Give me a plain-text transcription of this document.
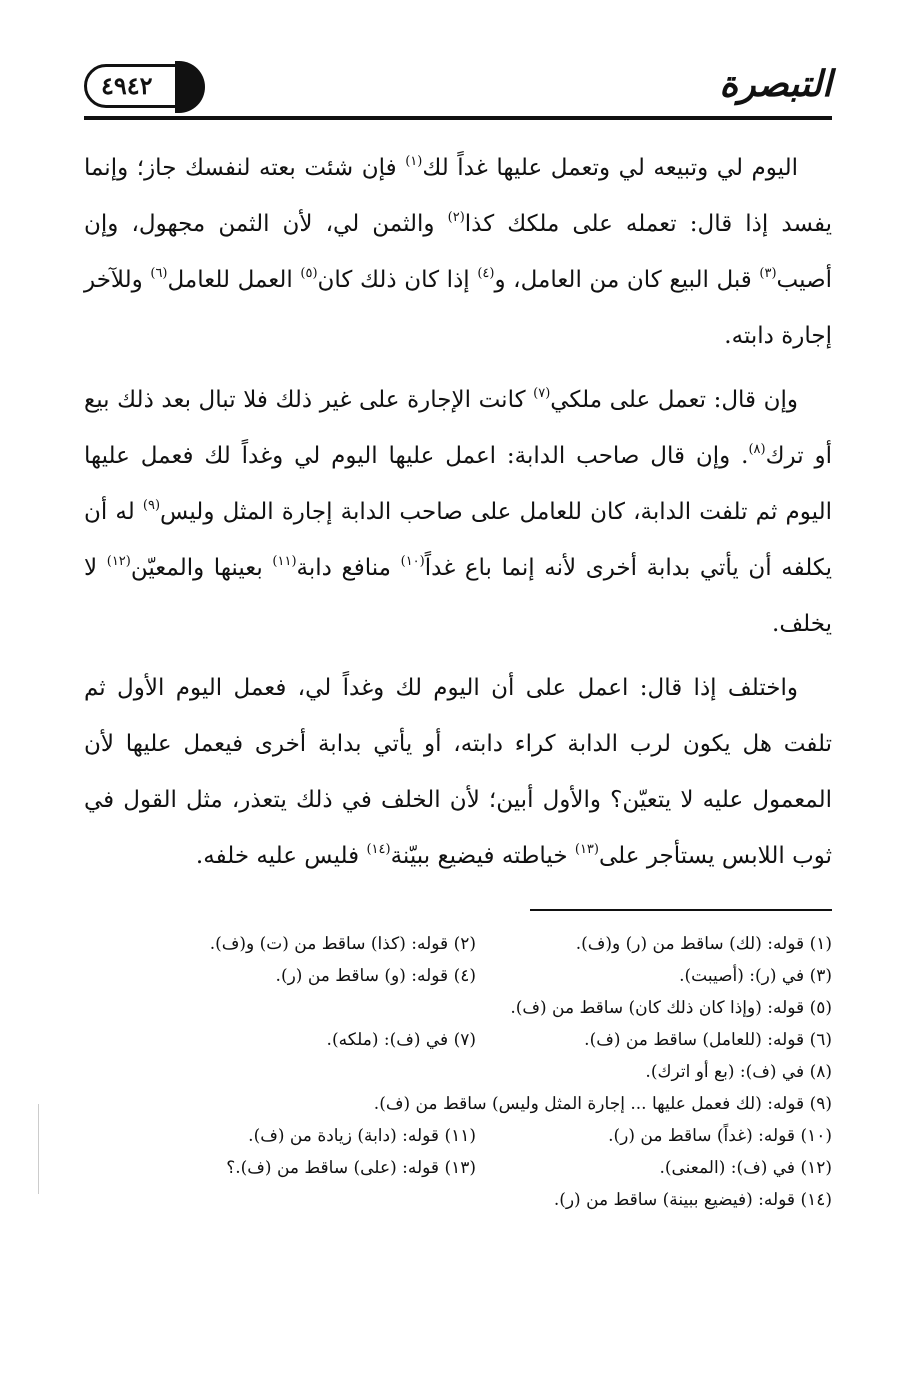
التبصرة
٤٩٤٢

اليوم لي وتبيعه لي وتعمل عليها غداً لك$^{(١)}$ فإن شئت بعته لنفسك جاز؛ وإنما يفسد إذا قال: تعمله على ملكك كذا$^{(٢)}$ والثمن لي، لأن الثمن مجهول، وإن أصيب$^{(٣)}$ قبل البيع كان من العامل، و$^{(٤)}$ إذا كان ذلك كان$^{(٥)}$ العمل للعامل$^{(٦)}$ وللآخر إجارة دابته.

وإن قال: تعمل على ملكي$^{(٧)}$ كانت الإجارة على غير ذلك فلا تبال بعد ذلك بيع أو ترك$^{(٨)}$. وإن قال صاحب الدابة: اعمل عليها اليوم لي وغداً لك فعمل عليها اليوم ثم تلفت الدابة، كان للعامل على صاحب الدابة إجارة المثل وليس$^{(٩)}$ له أن يكلفه أن يأتي بدابة أخرى لأنه إنما باع غداً$^{(١٠)}$ منافع دابة$^{(١١)}$ بعينها والمعيّن$^{(١٢)}$ لا يخلف.

واختلف إذا قال: اعمل على أن اليوم لك وغداً لي، فعمل اليوم الأول ثم تلفت هل يكون لرب الدابة كراء دابته، أو يأتي بدابة أخرى فيعمل عليها لأن المعمول عليه لا يتعيّن؟ والأول أبين؛ لأن الخلف في ذلك يتعذر، مثل القول في ثوب اللابس يستأجر على$^{(١٣)}$ خياطته فيضيع ببيّنة$^{(١٤)}$ فليس عليه خلفه.

(١) قوله: (لك) ساقط من (ر) و(ف).
(٢) قوله: (كذا) ساقط من (ت) و(ف).
(٣) في (ر): (أصيبت).
(٤) قوله: (و) ساقط من (ر).
(٥) قوله: (وإذا كان ذلك كان) ساقط من (ف).
(٦) قوله: (للعامل) ساقط من (ف).
(٧) في (ف): (ملكه).
(٨) في (ف): (بع أو اترك).
(٩) قوله: (لك فعمل عليها ... إجارة المثل وليس) ساقط من (ف).
(١٠) قوله: (غداً) ساقط من (ر).
(١١) قوله: (دابة) زيادة من (ف).
(١٢) في (ف): (المعنى).
(١٣) قوله: (على) ساقط من (ف).؟
(١٤) قوله: (فيضيع ببينة) ساقط من (ر).
